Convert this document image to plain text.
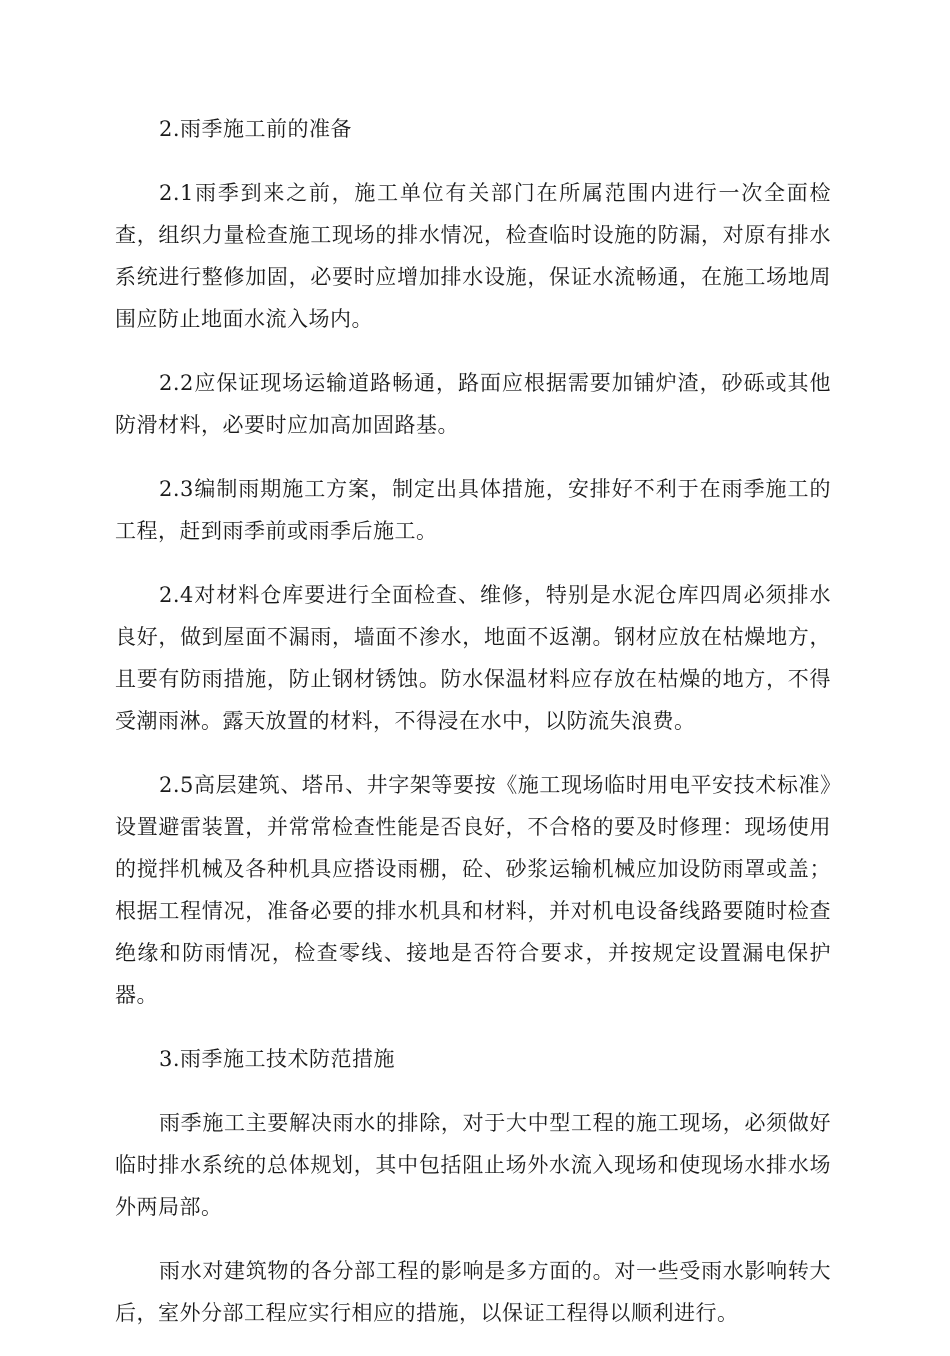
2.雨季施工前的准备

2.1雨季到来之前，施工单位有关部门在所属范围内进行一次全面检查，组织力量检查施工现场的排水情况，检查临时设施的防漏，对原有排水系统进行整修加固，必要时应增加排水设施，保证水流畅通，在施工场地周围应防止地面水流入场内。

2.2应保证现场运输道路畅通，路面应根据需要加铺炉渣，砂砾或其他防滑材料，必要时应加高加固路基。

2.3编制雨期施工方案，制定出具体措施，安排好不利于在雨季施工的工程，赶到雨季前或雨季后施工。

2.4对材料仓库要进行全面检查、维修，特别是水泥仓库四周必须排水良好，做到屋面不漏雨，墙面不渗水，地面不返潮。钢材应放在枯燥地方，且要有防雨措施，防止钢材锈蚀。防水保温材料应存放在枯燥的地方，不得受潮雨淋。露天放置的材料，不得浸在水中，以防流失浪费。

2.5高层建筑、塔吊、井字架等要按《施工现场临时用电平安技术标准》设置避雷装置，并常常检查性能是否良好，不合格的要及时修理：现场使用的搅拌机械及各种机具应搭设雨棚，砼、砂浆运输机械应加设防雨罩或盖；根据工程情况，准备必要的排水机具和材料，并对机电设备线路要随时检查绝缘和防雨情况，检查零线、接地是否符合要求，并按规定设置漏电保护器。

3.雨季施工技术防范措施

雨季施工主要解决雨水的排除，对于大中型工程的施工现场，必须做好临时排水系统的总体规划，其中包括阻止场外水流入现场和使现场水排水场外两局部。

雨水对建筑物的各分部工程的影响是多方面的。对一些受雨水影响转大后，室外分部工程应实行相应的措施，以保证工程得以顺利进行。
